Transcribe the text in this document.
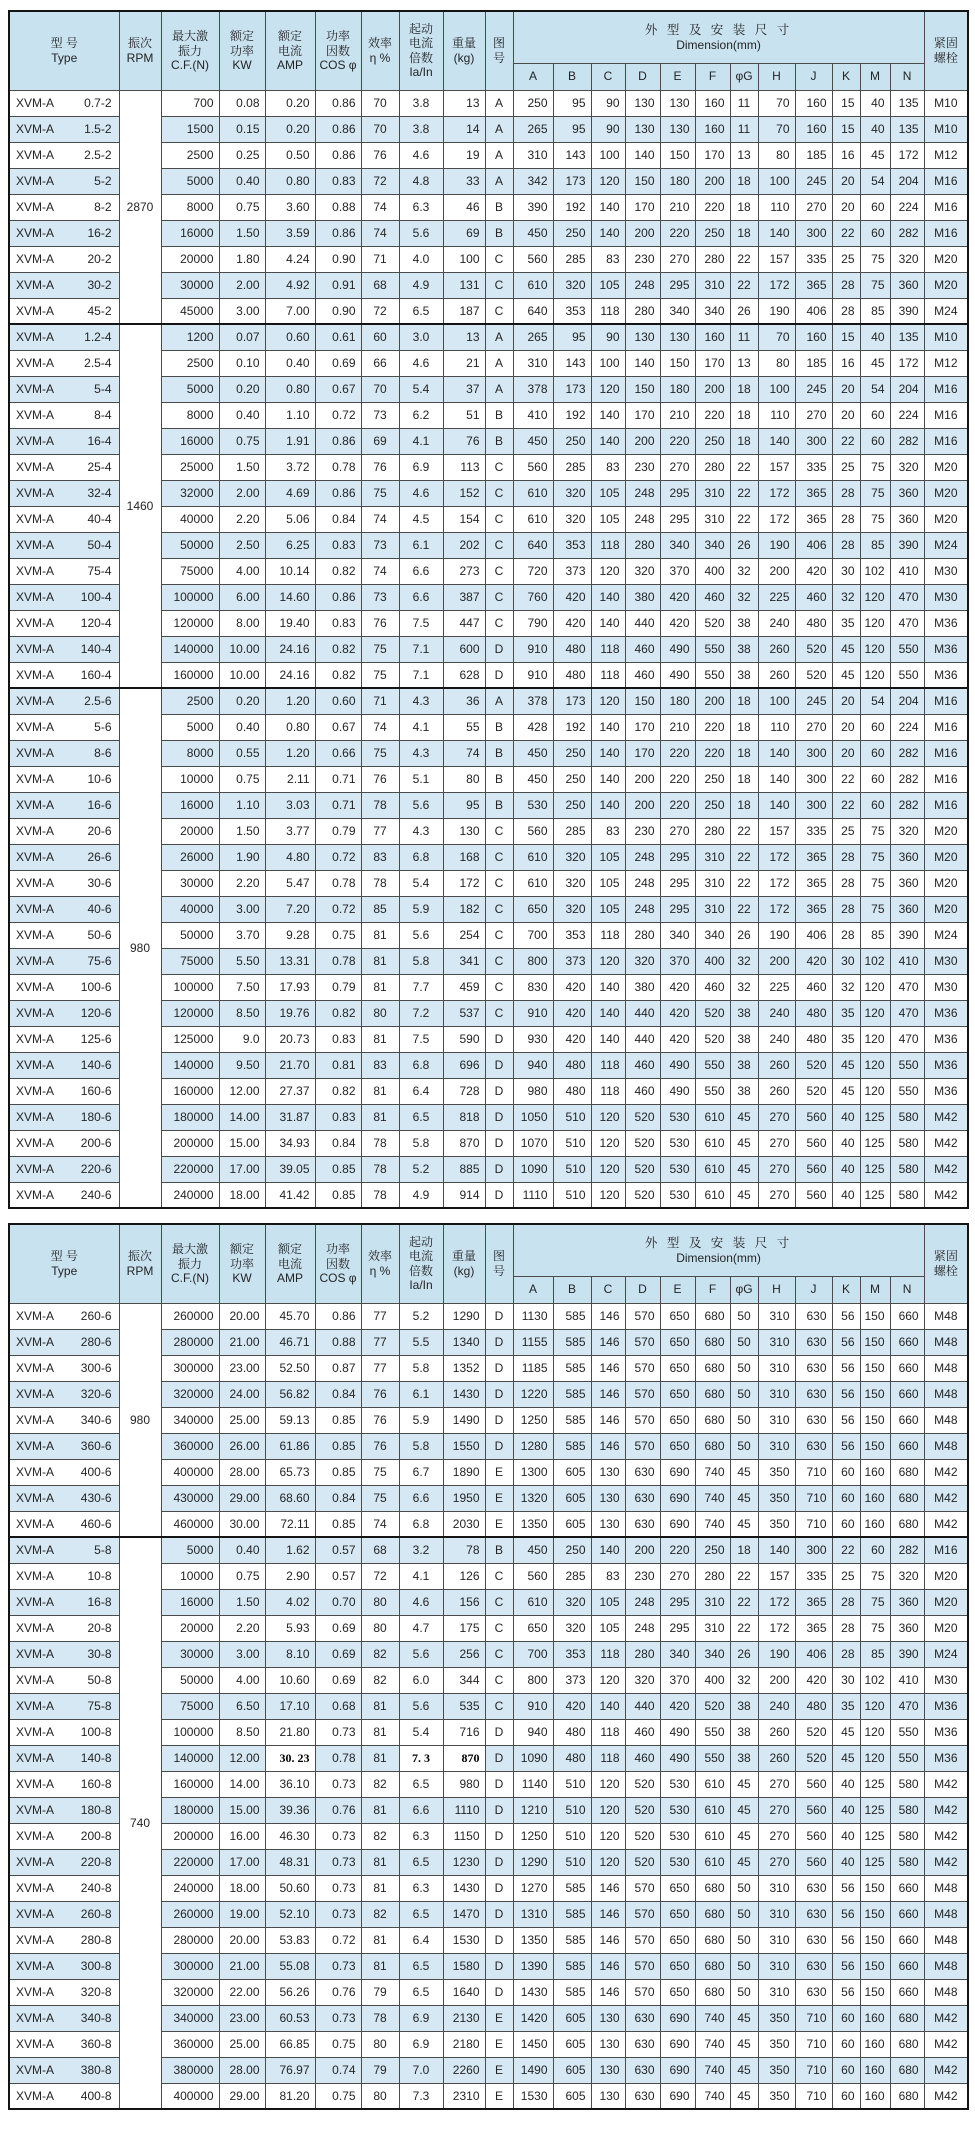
型 号
Type

振次
RPM

最大激
振力
C.F.(N)

额定
功率
KW

额定
电流
AMP

功率
因数
COS φ

效率
η %

起动
电流
倍数
Ia/In

重量
(kg)

图
号

外 型 及 安 装 尺 寸
Dimension(mm)	紧固
螺栓

										A	B	C	D	E	F	φG	H	J	K	M	N	

XVM-A 0.7-2	2870	700	0.08	0.20	0.86	70	3.8	13	A	250	95	90	130	130	160	11	70	160	15	40	135	M10

XVM-A 1.5-2		1500	0.15	0.20	0.86	70	3.8	14	A	265	95	90	130	130	160	11	70	160	15	40	135	M10

XVM-A 2.5-2		2500	0.25	0.50	0.86	76	4.6	19	A	310	143	100	140	150	170	13	80	185	16	45	172	M12

XVM-A 5-2		5000	0.40	0.80	0.83	72	4.8	33	A	342	173	120	150	180	200	18	100	245	20	54	204	M16

XVM-A 8-2		8000	0.75	3.60	0.88	74	6.3	46	B	390	192	140	170	210	220	18	110	270	20	60	224	M16

XVM-A 16-2		16000	1.50	3.59	0.86	74	5.6	69	B	450	250	140	200	220	250	18	140	300	22	60	282	M16

XVM-A 20-2		20000	1.80	4.24	0.90	71	4.0	100	C	560	285	83	230	270	280	22	157	335	25	75	320	M20

XVM-A 30-2		30000	2.00	4.92	0.91	68	4.9	131	C	610	320	105	248	295	310	22	172	365	28	75	360	M20

XVM-A 45-2		45000	3.00	7.00	0.90	72	6.5	187	C	640	353	118	280	340	340	26	190	406	28	85	390	M24

XVM-A 1.2-4	1460	1200	0.07	0.60	0.61	60	3.0	13	A	265	95	90	130	130	160	11	70	160	15	40	135	M10

XVM-A 2.5-4		2500	0.10	0.40	0.69	66	4.6	21	A	310	143	100	140	150	170	13	80	185	16	45	172	M12

XVM-A 5-4		5000	0.20	0.80	0.67	70	5.4	37	A	378	173	120	150	180	200	18	100	245	20	54	204	M16

XVM-A 8-4		8000	0.40	1.10	0.72	73	6.2	51	B	410	192	140	170	210	220	18	110	270	20	60	224	M16

XVM-A 16-4		16000	0.75	1.91	0.86	69	4.1	76	B	450	250	140	200	220	250	18	140	300	22	60	282	M16

XVM-A 25-4		25000	1.50	3.72	0.78	76	6.9	113	C	560	285	83	230	270	280	22	157	335	25	75	320	M20

XVM-A 32-4		32000	2.00	4.69	0.86	75	4.6	152	C	610	320	105	248	295	310	22	172	365	28	75	360	M20

XVM-A 40-4		40000	2.20	5.06	0.84	74	4.5	154	C	610	320	105	248	295	310	22	172	365	28	75	360	M20

XVM-A 50-4		50000	2.50	6.25	0.83	73	6.1	202	C	640	353	118	280	340	340	26	190	406	28	85	390	M24

XVM-A 75-4		75000	4.00	10.14	0.82	74	6.6	273	C	720	373	120	320	370	400	32	200	420	30	102	410	M30

XVM-A 100-4		100000	6.00	14.60	0.86	73	6.6	387	C	760	420	140	380	420	460	32	225	460	32	120	470	M30

XVM-A 120-4		120000	8.00	19.40	0.83	76	7.5	447	C	790	420	140	440	420	520	38	240	480	35	120	470	M36

XVM-A 140-4		140000	10.00	24.16	0.82	75	7.1	600	D	910	480	118	460	490	550	38	260	520	45	120	550	M36

XVM-A 160-4		160000	10.00	24.16	0.82	75	7.1	628	D	910	480	118	460	490	550	38	260	520	45	120	550	M36

XVM-A 2.5-6	980	2500	0.20	1.20	0.60	71	4.3	36	A	378	173	120	150	180	200	18	100	245	20	54	204	M16

XVM-A 5-6		5000	0.40	0.80	0.67	74	4.1	55	B	428	192	140	170	210	220	18	110	270	20	60	224	M16

XVM-A 8-6		8000	0.55	1.20	0.66	75	4.3	74	B	450	250	140	170	220	220	18	140	300	20	60	282	M16

XVM-A 10-6		10000	0.75	2.11	0.71	76	5.1	80	B	450	250	140	200	220	250	18	140	300	22	60	282	M16

XVM-A 16-6		16000	1.10	3.03	0.71	78	5.6	95	B	530	250	140	200	220	250	18	140	300	22	60	282	M16

XVM-A 20-6		20000	1.50	3.77	0.79	77	4.3	130	C	560	285	83	230	270	280	22	157	335	25	75	320	M20

XVM-A 26-6		26000	1.90	4.80	0.72	83	6.8	168	C	610	320	105	248	295	310	22	172	365	28	75	360	M20

XVM-A 30-6		30000	2.20	5.47	0.78	78	5.4	172	C	610	320	105	248	295	310	22	172	365	28	75	360	M20

XVM-A 40-6		40000	3.00	7.20	0.72	85	5.9	182	C	650	320	105	248	295	310	22	172	365	28	75	360	M20

XVM-A 50-6		50000	3.70	9.28	0.75	81	5.6	254	C	700	353	118	280	340	340	26	190	406	28	85	390	M24

XVM-A 75-6		75000	5.50	13.31	0.78	81	5.8	341	C	800	373	120	320	370	400	32	200	420	30	102	410	M30

XVM-A 100-6		100000	7.50	17.93	0.79	81	7.7	459	C	830	420	140	380	420	460	32	225	460	32	120	470	M30

XVM-A 120-6		120000	8.50	19.76	0.82	80	7.2	537	C	910	420	140	440	420	520	38	240	480	35	120	470	M36

XVM-A 125-6		125000	9.0	20.73	0.83	81	7.5	590	D	930	420	140	440	420	520	38	240	480	35	120	470	M36

XVM-A 140-6		140000	9.50	21.70	0.81	83	6.8	696	D	940	480	118	460	490	550	38	260	520	45	120	550	M36

XVM-A 160-6		160000	12.00	27.37	0.82	81	6.4	728	D	980	480	118	460	490	550	38	260	520	45	120	550	M36

XVM-A 180-6		180000	14.00	31.87	0.83	81	6.5	818	D	1050	510	120	520	530	610	45	270	560	40	125	580	M42

XVM-A 200-6		200000	15.00	34.93	0.84	78	5.8	870	D	1070	510	120	520	530	610	45	270	560	40	125	580	M42

XVM-A 220-6		220000	17.00	39.05	0.85	78	5.2	885	D	1090	510	120	520	530	610	45	270	560	40	125	580	M42

XVM-A 240-6		240000	18.00	41.42	0.85	78	4.9	914	D	1110	510	120	520	530	610	45	270	560	40	125	580	M42
型 号
Type

振次
RPM

最大激
振力
C.F.(N)

额定
功率
KW

额定
电流
AMP

功率
因数
COS φ

效率
η %

起动
电流
倍数
Ia/In

重量
(kg)

图
号

外 型 及 安 装 尺 寸
Dimension(mm)	紧固
螺栓

										A	B	C	D	E	F	φG	H	J	K	M	N	

XVM-A 260-6	980	260000	20.00	45.70	0.86	77	5.2	1290	D	1130	585	146	570	650	680	50	310	630	56	150	660	M48

XVM-A 280-6		280000	21.00	46.71	0.88	77	5.5	1340	D	1155	585	146	570	650	680	50	310	630	56	150	660	M48

XVM-A 300-6		300000	23.00	52.50	0.87	77	5.8	1352	D	1185	585	146	570	650	680	50	310	630	56	150	660	M48

XVM-A 320-6		320000	24.00	56.82	0.84	76	6.1	1430	D	1220	585	146	570	650	680	50	310	630	56	150	660	M48

XVM-A 340-6		340000	25.00	59.13	0.85	76	5.9	1490	D	1250	585	146	570	650	680	50	310	630	56	150	660	M48

XVM-A 360-6		360000	26.00	61.86	0.85	76	5.8	1550	D	1280	585	146	570	650	680	50	310	630	56	150	660	M48

XVM-A 400-6		400000	28.00	65.73	0.85	75	6.7	1890	E	1300	605	130	630	690	740	45	350	710	60	160	680	M42

XVM-A 430-6		430000	29.00	68.60	0.84	75	6.6	1950	E	1320	605	130	630	690	740	45	350	710	60	160	680	M42

XVM-A 460-6		460000	30.00	72.11	0.85	74	6.8	2030	E	1350	605	130	630	690	740	45	350	710	60	160	680	M42

XVM-A 5-8	740	5000	0.40	1.62	0.57	68	3.2	78	B	450	250	140	200	220	250	18	140	300	22	60	282	M16

XVM-A 10-8		10000	0.75	2.90	0.57	72	4.1	126	C	560	285	83	230	270	280	22	157	335	25	75	320	M20

XVM-A 16-8		16000	1.50	4.02	0.70	80	4.6	156	C	610	320	105	248	295	310	22	172	365	28	75	360	M20

XVM-A 20-8		20000	2.20	5.93	0.69	80	4.7	175	C	650	320	105	248	295	310	22	172	365	28	75	360	M20

XVM-A 30-8		30000	3.00	8.10	0.69	82	5.6	256	C	700	353	118	280	340	340	26	190	406	28	85	390	M24

XVM-A 50-8		50000	4.00	10.60	0.69	82	6.0	344	C	800	373	120	320	370	400	32	200	420	30	102	410	M30

XVM-A 75-8		75000	6.50	17.10	0.68	81	5.6	535	C	910	420	140	440	420	520	38	240	480	35	120	470	M36

XVM-A 100-8		100000	8.50	21.80	0.73	81	5.4	716	D	940	480	118	460	490	550	38	260	520	45	120	550	M36

XVM-A 140-8		140000	12.00	30. 23	0.78	81	7. 3	870	D	1090	480	118	460	490	550	38	260	520	45	120	550	M36

XVM-A 160-8		160000	14.00	36.10	0.73	82	6.5	980	D	1140	510	120	520	530	610	45	270	560	40	125	580	M42

XVM-A 180-8		180000	15.00	39.36	0.76	81	6.6	1110	D	1210	510	120	520	530	610	45	270	560	40	125	580	M42

XVM-A 200-8		200000	16.00	46.30	0.73	82	6.3	1150	D	1250	510	120	520	530	610	45	270	560	40	125	580	M42

XVM-A 220-8		220000	17.00	48.31	0.73	81	6.5	1230	D	1290	510	120	520	530	610	45	270	560	40	125	580	M42

XVM-A 240-8		240000	18.00	50.60	0.73	81	6.3	1430	D	1270	585	146	570	650	680	50	310	630	56	150	660	M48

XVM-A 260-8		260000	19.00	52.10	0.73	82	6.5	1470	D	1310	585	146	570	650	680	50	310	630	56	150	660	M48

XVM-A 280-8		280000	20.00	53.83	0.72	81	6.4	1530	D	1350	585	146	570	650	680	50	310	630	56	150	660	M48

XVM-A 300-8		300000	21.00	55.08	0.73	81	6.5	1580	D	1390	585	146	570	650	680	50	310	630	56	150	660	M48

XVM-A 320-8		320000	22.00	56.26	0.76	79	6.5	1640	D	1430	585	146	570	650	680	50	310	630	56	150	660	M48

XVM-A 340-8		340000	23.00	60.53	0.73	78	6.9	2130	E	1420	605	130	630	690	740	45	350	710	60	160	680	M42

XVM-A 360-8		360000	25.00	66.85	0.75	80	6.9	2180	E	1450	605	130	630	690	740	45	350	710	60	160	680	M42

XVM-A 380-8		380000	28.00	76.97	0.74	79	7.0	2260	E	1490	605	130	630	690	740	45	350	710	60	160	680	M42

XVM-A 400-8		400000	29.00	81.20	0.75	80	7.3	2310	E	1530	605	130	630	690	740	45	350	710	60	160	680	M42
